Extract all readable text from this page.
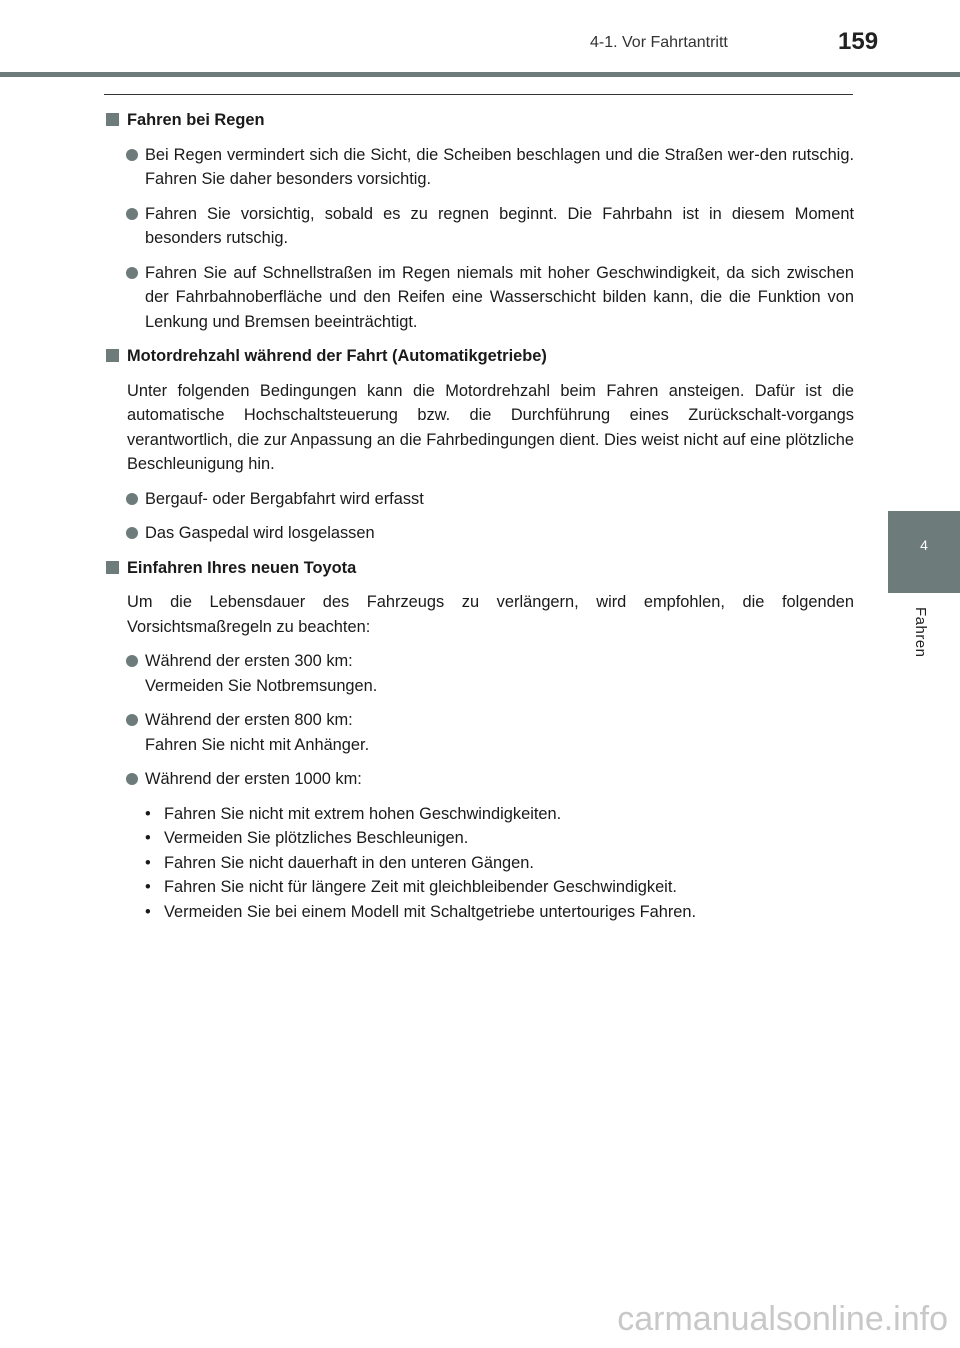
4-1. Vor Fahrtantritt	159
4
Fahren
Fahren bei Regen
Bei Regen vermindert sich die Sicht, die Scheiben beschlagen und die Straßen wer-den rutschig. Fahren Sie daher besonders vorsichtig.
Fahren Sie vorsichtig, sobald es zu regnen beginnt. Die Fahrbahn ist in diesem Moment besonders rutschig.
Fahren Sie auf Schnellstraßen im Regen niemals mit hoher Geschwindigkeit, da sich zwischen der Fahrbahnoberfläche und den Reifen eine Wasserschicht bilden kann, die die Funktion von Lenkung und Bremsen beeinträchtigt.
Motordrehzahl während der Fahrt (Automatikgetriebe)

Unter folgenden Bedingungen kann die Motordrehzahl beim Fahren ansteigen. Dafür ist die automatische Hochschaltsteuerung bzw. die Durchführung eines Zurückschalt-vorgangs verantwortlich, die zur Anpassung an die Fahrbedingungen dient. Dies weist nicht auf eine plötzliche Beschleunigung hin.

Bergauf- oder Bergabfahrt wird erfasst
Das Gaspedal wird losgelassen
Einfahren Ihres neuen Toyota

Um die Lebensdauer des Fahrzeugs zu verlängern, wird empfohlen, die folgenden Vorsichtsmaßregeln zu beachten:

Während der ersten 300 km:
Vermeiden Sie Notbremsungen.
Während der ersten 800 km:
Fahren Sie nicht mit Anhänger.
Während der ersten 1000 km:
• Fahren Sie nicht mit extrem hohen Geschwindigkeiten.
• Vermeiden Sie plötzliches Beschleunigen.
• Fahren Sie nicht dauerhaft in den unteren Gängen.
• Fahren Sie nicht für längere Zeit mit gleichbleibender Geschwindigkeit.
• Vermeiden Sie bei einem Modell mit Schaltgetriebe untertouriges Fahren.
carmanualsonline.info
